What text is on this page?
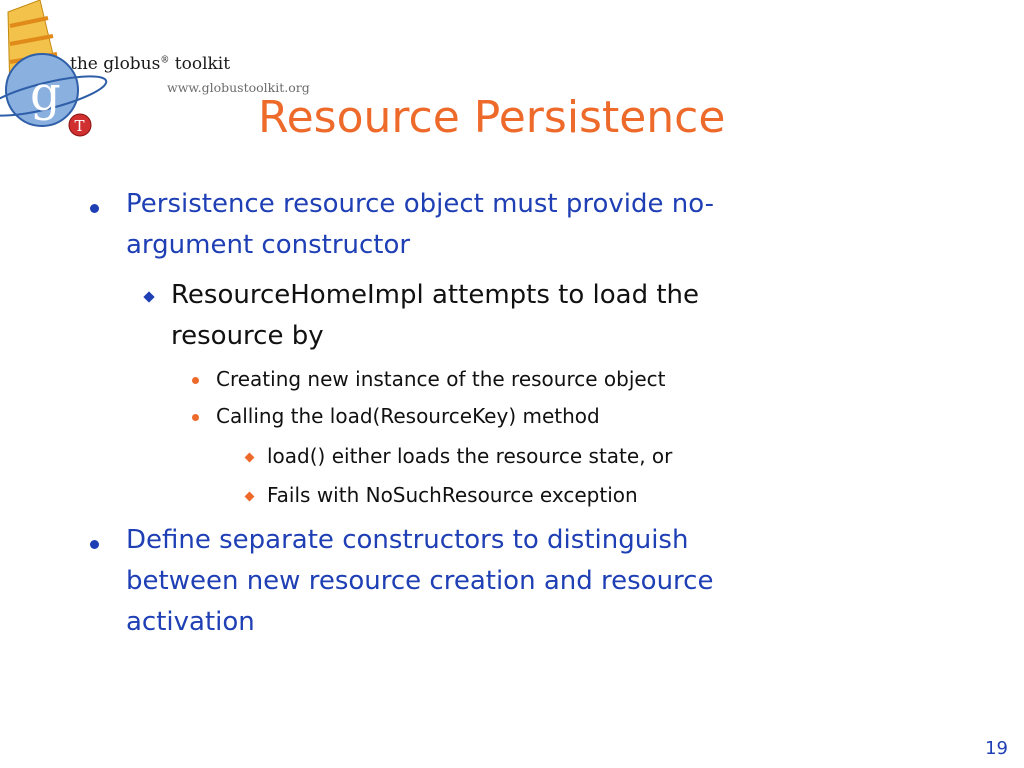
g
T
the globus® toolkit
www.globustoolkit.org
Resource Persistence
Persistence resource object must provide no-
argument constructor
ResourceHomeImpl attempts to load the
resource by
Creating new instance of the resource object
Calling the load(ResourceKey) method
load() either loads the resource state, or
Fails with NoSuchResource exception
Define separate constructors to distinguish
between new resource creation and resource
activation
19
